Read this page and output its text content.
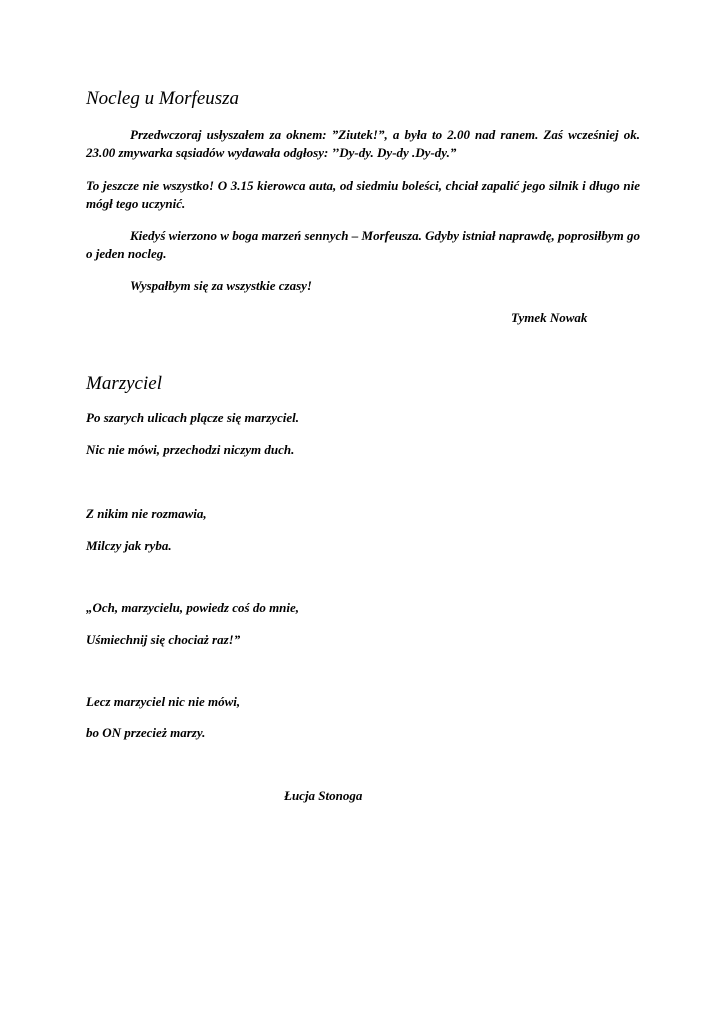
Nocleg u Morfeusza

Przedwczoraj usłyszałem za oknem: ”Ziutek!”, a była to 2.00 nad ranem. Zaś wcześniej ok. 23.00 zmywarka sąsiadów wydawała odgłosy: ’’Dy-dy. Dy-dy .Dy-dy.”

To jeszcze nie wszystko! O 3.15 kierowca auta, od siedmiu boleści, chciał zapalić jego silnik i długo nie mógł tego uczynić.

Kiedyś wierzono w boga marzeń sennych – Morfeusza. Gdyby istniał naprawdę, poprosiłbym go o jeden nocleg.

Wyspałbym się za wszystkie czasy!

Tymek Nowak

Marzyciel

Po szarych ulicach plącze się marzyciel.

Nic nie mówi, przechodzi niczym duch.

Z nikim nie rozmawia,

Milczy jak ryba.

„Och, marzycielu, powiedz coś do mnie,

Uśmiechnij się chociaż raz!”

Lecz marzyciel nic nie mówi,

bo ON przecież marzy.

Łucja Stonoga
